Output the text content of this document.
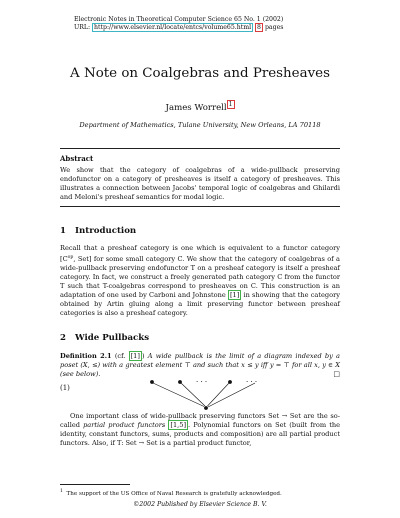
Electronic Notes in Theoretical Computer Science 65 No. 1 (2002)
URL: http://www.elsevier.nl/locate/entcs/volume65.html 8 pages
A Note on Coalgebras and Presheaves
James Worrell $^1$
Department of Mathematics, Tulane University, New Orleans, LA 70118
Abstract
We show that the category of coalgebras of a wide-pullback preserving endofunctor on a category of presheaves is itself a category of presheaves. This illustrates a connection between Jacobs' temporal logic of coalgebras and Ghilardi and Meloni's presheaf semantics for modal logic.
1 Introduction
Recall that a presheaf category is one which is equivalent to a functor category [$C^{op}$, Set] for some small category C. We show that the category of coalgebras of a wide-pullback preserving endofunctor T on a presheaf category is itself a presheaf category. In fact, we construct a freely generated path category C from the functor T such that T-coalgebras correspond to presheaves on C. This construction is an adaptation of one used by Carboni and Johnstone [1] in showing that the category obtained by Artin gluing along a limit preserving functor between presheaf categories is also a presheaf category.
2 Wide Pullbacks
Definition 2.1 (cf. [1] ) A wide pullback is the limit of a diagram indexed by a poset (X, ≤) with a greatest element ⊤ and such that x ≤ y iff y = ⊤ for all x, y ∈ X (see below).	□
(1)
· · ·	· · ·
One important class of wide-pullback preserving functors Set → Set are the so-called partial product functors [1,5] . Polynomial functors on Set (built from the identity, constant functors, sums, products and composition) are all partial product functors. Also, if T: Set → Set is a partial product functor,
$^1$ The support of the US Office of Naval Research is gratefully acknowledged.
©2002 Published by Elsevier Science B. V.
